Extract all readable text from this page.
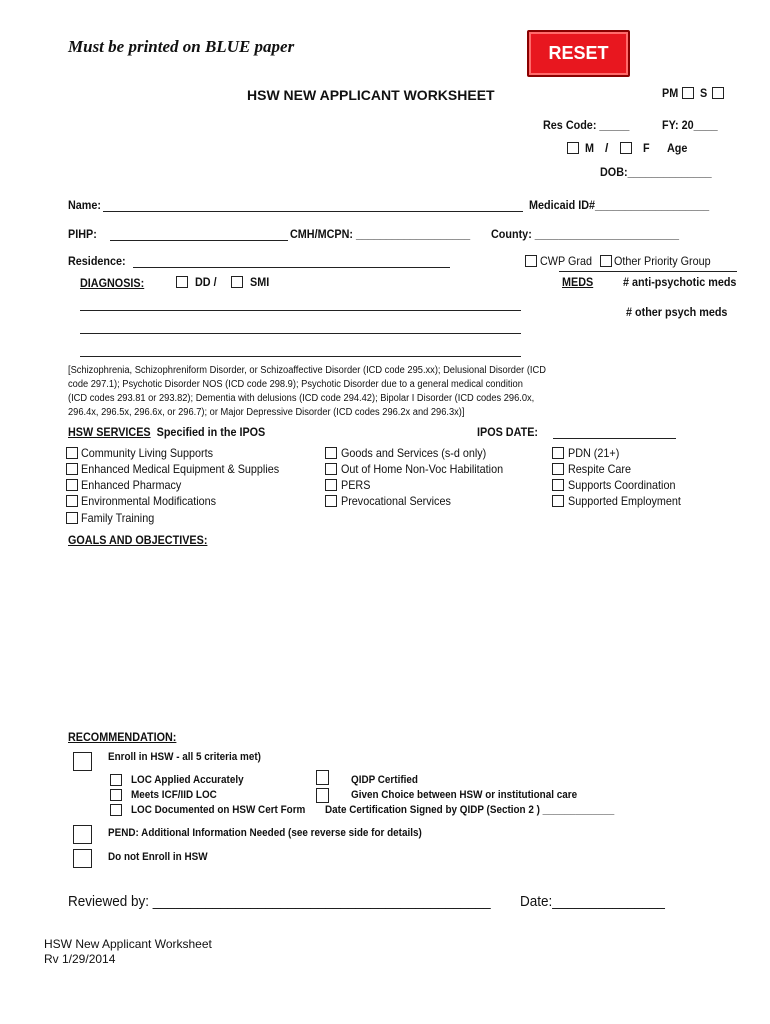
Must be printed on BLUE paper	RESET
HSW NEW APPLICANT WORKSHEET	PM S
Res Code: _____	FY: 20____
M /	F Age
DOB:______________
Name:	Medicaid ID#___________________
PIHP:	CMH/MCPN: ___________________ County: ________________________
Residence:	CWP Grad Other Priority Group
DIAGNOSIS:	DD /	SMI	MEDS # anti-psychotic meds
# other psych meds
[Schizophrenia, Schizophreniform Disorder, or Schizoaffective Disorder (ICD code 295.xx); Delusional Disorder (ICD
code 297.1); Psychotic Disorder NOS (ICD code 298.9); Psychotic Disorder due to a general medical condition
(ICD codes 293.81 or 293.82); Dementia with delusions (ICD code 294.42); Bipolar I Disorder (ICD codes 296.0x,
296.4x, 296.5x, 296.6x, or 296.7); or Major Depressive Disorder (ICD codes 296.2x and 296.3x)]
HSW SERVICES Specified in the IPOS	IPOS DATE:
Community Living Supports
Enhanced Medical Equipment & Supplies
Enhanced Pharmacy
Environmental Modifications
Family Training
Goods and Services (s-d only)
Out of Home Non-Voc Habilitation
PERS
Prevocational Services
PDN (21+)
Respite Care
Supports Coordination
Supported Employment
GOALS AND OBJECTIVES:
RECOMMENDATION:
Enroll in HSW - all 5 criteria met)
LOC Applied Accurately
Meets ICF/IID LOC
LOC Documented on HSW Cert Form
QIDP Certified
Given Choice between HSW or institutional care
Date Certification Signed by QIDP (Section 2 ) _____________
PEND: Additional Information Needed (see reverse side for details)
Do not Enroll in HSW
Reviewed by: _____________________________________________ Date:_______________
HSW New Applicant Worksheet
Rv 1/29/2014
